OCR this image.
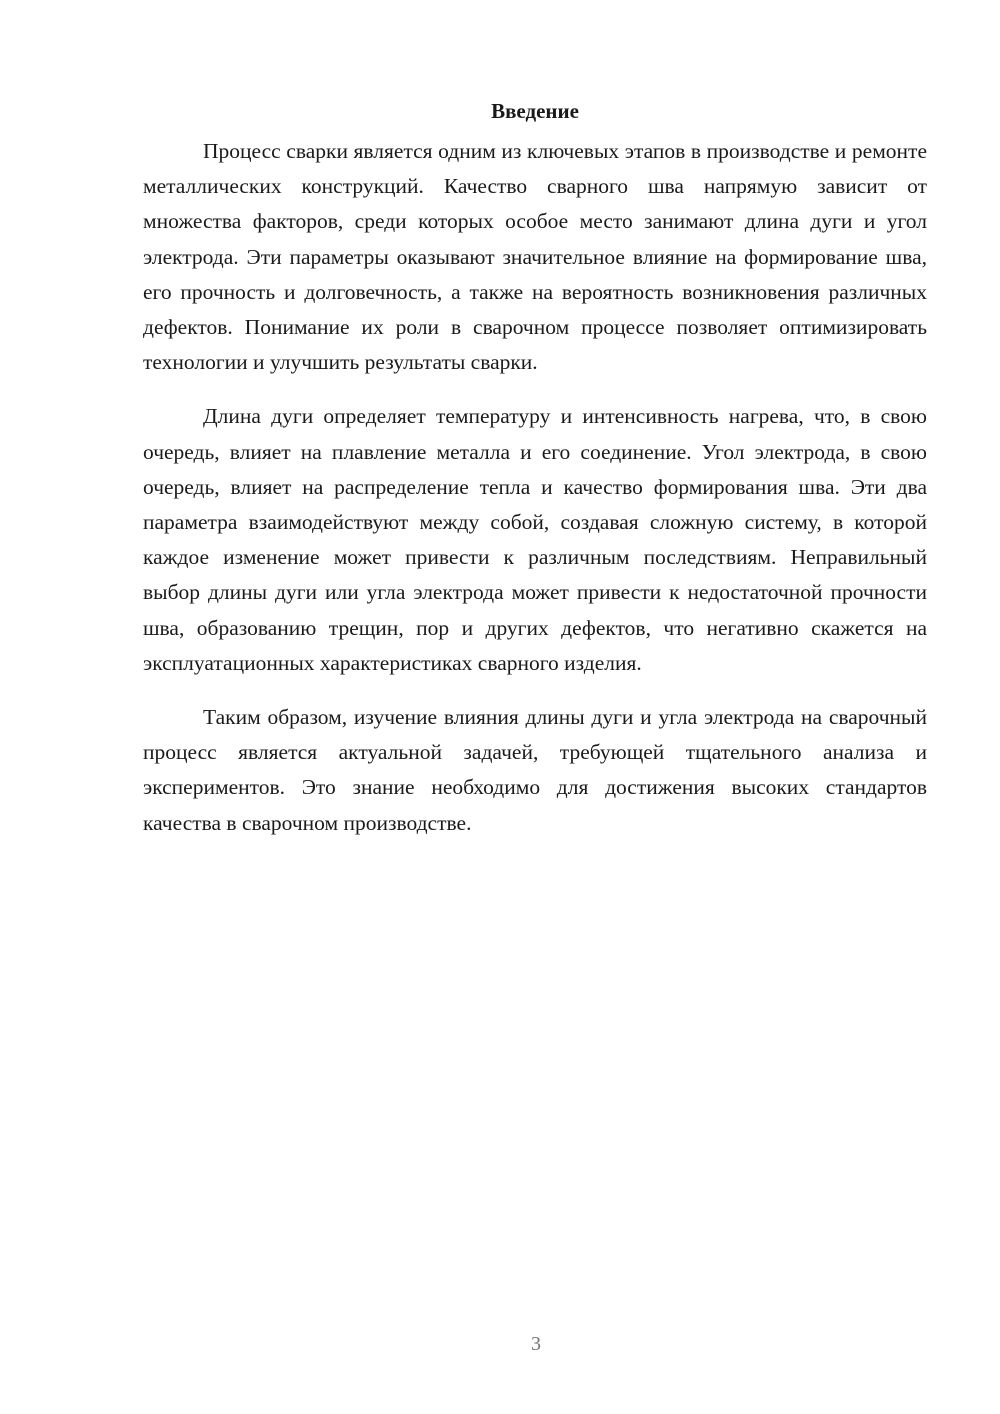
Введение

Процесс сварки является одним из ключевых этапов в производстве и ремонте металлических конструкций. Качество сварного шва напрямую зависит от множества факторов, среди которых особое место занимают длина дуги и угол электрода. Эти параметры оказывают значительное влияние на формирование шва, его прочность и долговечность, а также на вероятность возникновения различных дефектов. Понимание их роли в сварочном процессе позволяет оптимизировать технологии и улучшить результаты сварки.

Длина дуги определяет температуру и интенсивность нагрева, что, в свою очередь, влияет на плавление металла и его соединение. Угол электрода, в свою очередь, влияет на распределение тепла и качество формирования шва. Эти два параметра взаимодействуют между собой, создавая сложную систему, в которой каждое изменение может привести к различным последствиям. Неправильный выбор длины дуги или угла электрода может привести к недостаточной прочности шва, образованию трещин, пор и других дефектов, что негативно скажется на эксплуатационных характеристиках сварного изделия.

Таким образом, изучение влияния длины дуги и угла электрода на сварочный процесс является актуальной задачей, требующей тщательного анализа и экспериментов. Это знание необходимо для достижения высоких стандартов качества в сварочном производстве.

3
